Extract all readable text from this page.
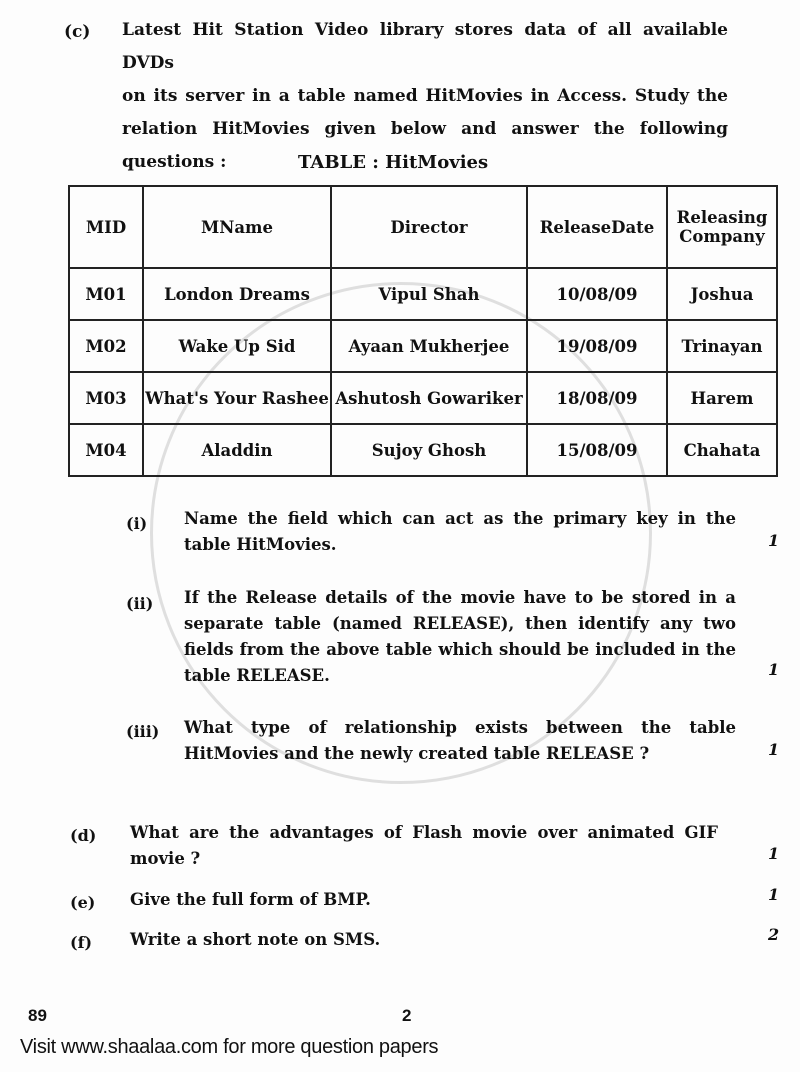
(c) Latest Hit Station Video library stores data of all available DVDs
on its server in a table named HitMovies in Access. Study the
relation HitMovies given below and answer the following
questions :	TABLE : HitMovies
MID	MName	Director	ReleaseDate	Releasing Company
M01	London Dreams	Vipul Shah	10/08/09	Joshua
M02	Wake Up Sid	Ayaan Mukherjee	19/08/09	Trinayan
M03	What's Your Rashee	Ashutosh Gowariker	18/08/09	Harem
M04	Aladdin	Sujoy Ghosh	15/08/09	Chahata
(i) Name the field which can act as the primary key in the
table HitMovies.	1
(ii) If the Release details of the movie have to be stored in a
separate table (named RELEASE), then identify any two
fields from the above table which should be included in the
table RELEASE.	1
(iii) What type of relationship exists between the table
HitMovies and the newly created table RELEASE ?	1
(d) What are the advantages of Flash movie over animated GIF
movie ?	1
(e) Give the full form of BMP.	1
(f) Write a short note on SMS.	2
89	2
Visit www.shaalaa.com for more question papers
